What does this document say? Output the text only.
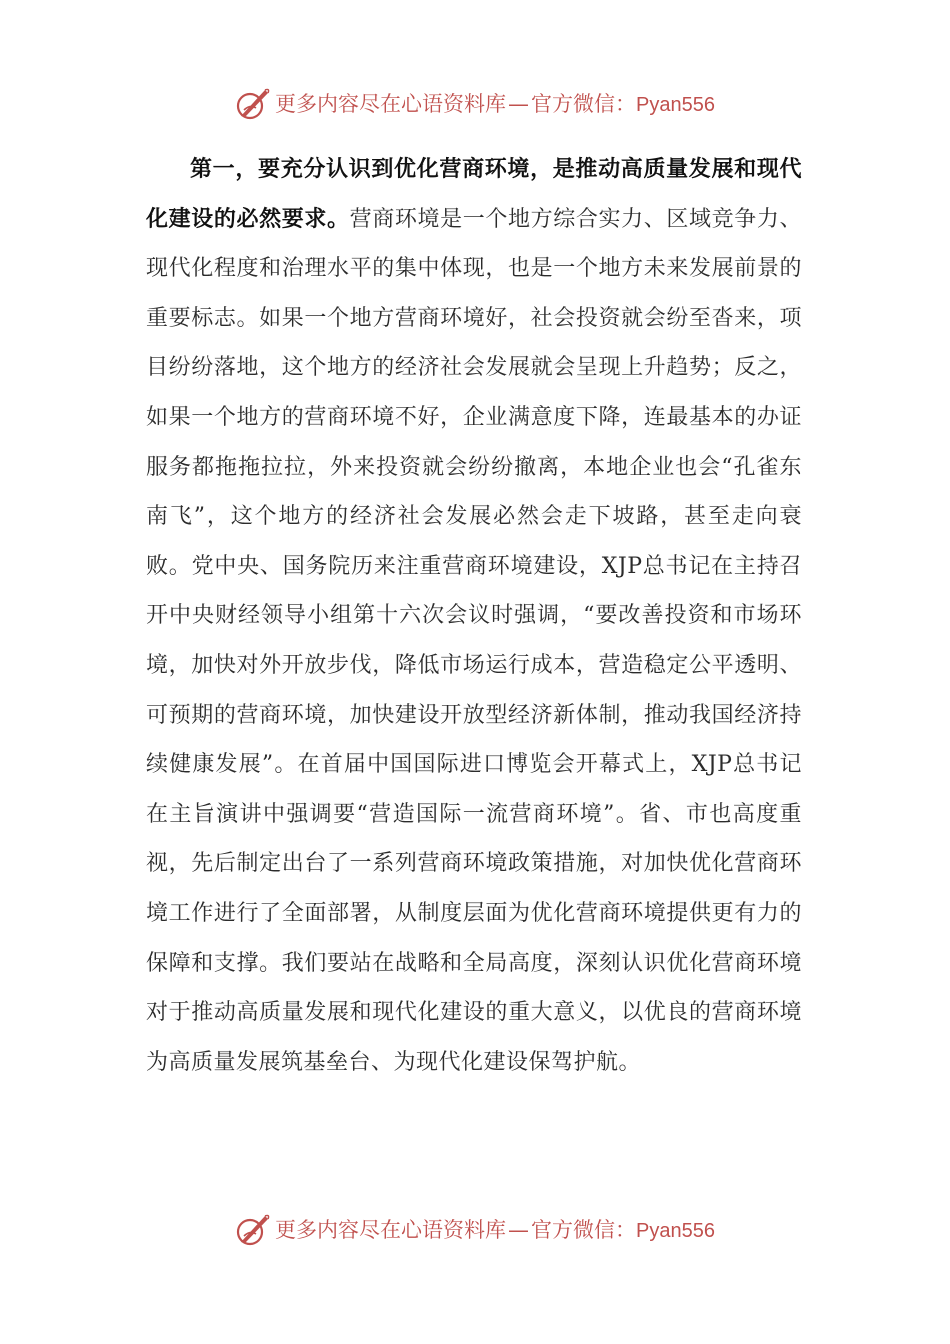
更多内容尽在心语资料库—官方微信：Pyan556
第一，要充分认识到优化营商环境，是推动高质量发展和现代化建设的必然要求。营商环境是一个地方综合实力、区域竞争力、现代化程度和治理水平的集中体现，也是一个地方未来发展前景的重要标志。如果一个地方营商环境好，社会投资就会纷至沓来，项目纷纷落地，这个地方的经济社会发展就会呈现上升趋势；反之，如果一个地方的营商环境不好，企业满意度下降，连最基本的办证服务都拖拖拉拉，外来投资就会纷纷撤离，本地企业也会“孔雀东南飞”，这个地方的经济社会发展必然会走下坡路，甚至走向衰败。党中央、国务院历来注重营商环境建设，XJP总书记在主持召开中央财经领导小组第十六次会议时强调，“要改善投资和市场环境，加快对外开放步伐，降低市场运行成本，营造稳定公平透明、可预期的营商环境，加快建设开放型经济新体制，推动我国经济持续健康发展”。在首届中国国际进口博览会开幕式上，XJP总书记在主旨演讲中强调要“营造国际一流营商环境”。省、市也高度重视，先后制定出台了一系列营商环境政策措施，对加快优化营商环境工作进行了全面部署，从制度层面为优化营商环境提供更有力的保障和支撑。我们要站在战略和全局高度，深刻认识优化营商环境对于推动高质量发展和现代化建设的重大意义，以优良的营商环境为高质量发展筑基垒台、为现代化建设保驾护航。
更多内容尽在心语资料库—官方微信：Pyan556
